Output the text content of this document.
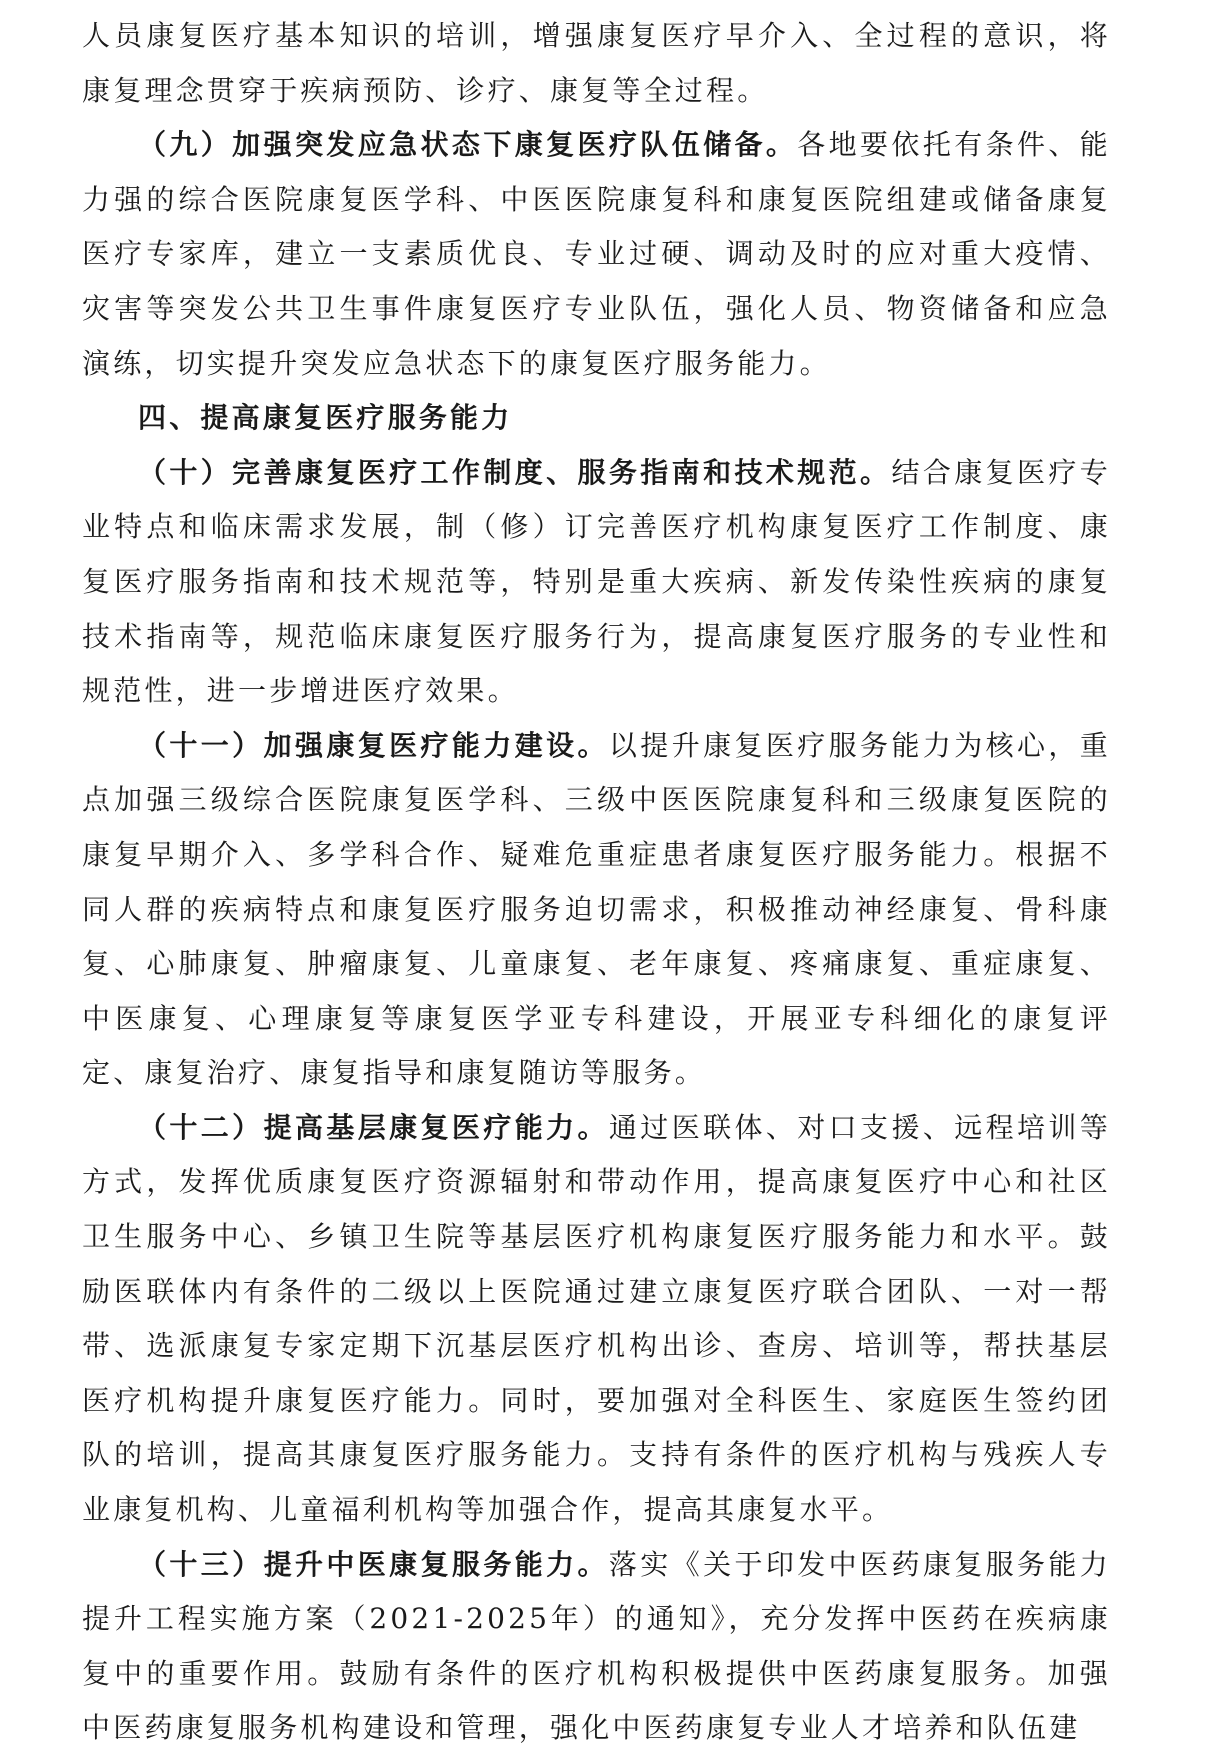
人员康复医疗基本知识的培训，增强康复医疗早介入、全过程的意识，将康复理念贯穿于疾病预防、诊疗、康复等全过程。

（九）加强突发应急状态下康复医疗队伍储备。各地要依托有条件、能力强的综合医院康复医学科、中医医院康复科和康复医院组建或储备康复医疗专家库，建立一支素质优良、专业过硬、调动及时的应对重大疫情、灾害等突发公共卫生事件康复医疗专业队伍，强化人员、物资储备和应急演练，切实提升突发应急状态下的康复医疗服务能力。

四、提高康复医疗服务能力

（十）完善康复医疗工作制度、服务指南和技术规范。结合康复医疗专业特点和临床需求发展，制（修）订完善医疗机构康复医疗工作制度、康复医疗服务指南和技术规范等，特别是重大疾病、新发传染性疾病的康复技术指南等，规范临床康复医疗服务行为，提高康复医疗服务的专业性和规范性，进一步增进医疗效果。

（十一）加强康复医疗能力建设。以提升康复医疗服务能力为核心，重点加强三级综合医院康复医学科、三级中医医院康复科和三级康复医院的康复早期介入、多学科合作、疑难危重症患者康复医疗服务能力。根据不同人群的疾病特点和康复医疗服务迫切需求，积极推动神经康复、骨科康复、心肺康复、肿瘤康复、儿童康复、老年康复、疼痛康复、重症康复、中医康复、心理康复等康复医学亚专科建设，开展亚专科细化的康复评定、康复治疗、康复指导和康复随访等服务。

（十二）提高基层康复医疗能力。通过医联体、对口支援、远程培训等方式，发挥优质康复医疗资源辐射和带动作用，提高康复医疗中心和社区卫生服务中心、乡镇卫生院等基层医疗机构康复医疗服务能力和水平。鼓励医联体内有条件的二级以上医院通过建立康复医疗联合团队、一对一帮带、选派康复专家定期下沉基层医疗机构出诊、查房、培训等，帮扶基层医疗机构提升康复医疗能力。同时，要加强对全科医生、家庭医生签约团队的培训，提高其康复医疗服务能力。支持有条件的医疗机构与残疾人专业康复机构、儿童福利机构等加强合作，提高其康复水平。

（十三）提升中医康复服务能力。落实《关于印发中医药康复服务能力提升工程实施方案（2021-2025年）的通知》，充分发挥中医药在疾病康复中的重要作用。鼓励有条件的医疗机构积极提供中医药康复服务。加强中医药康复服务机构建设和管理，强化中医药康复专业人才培养和队伍建
